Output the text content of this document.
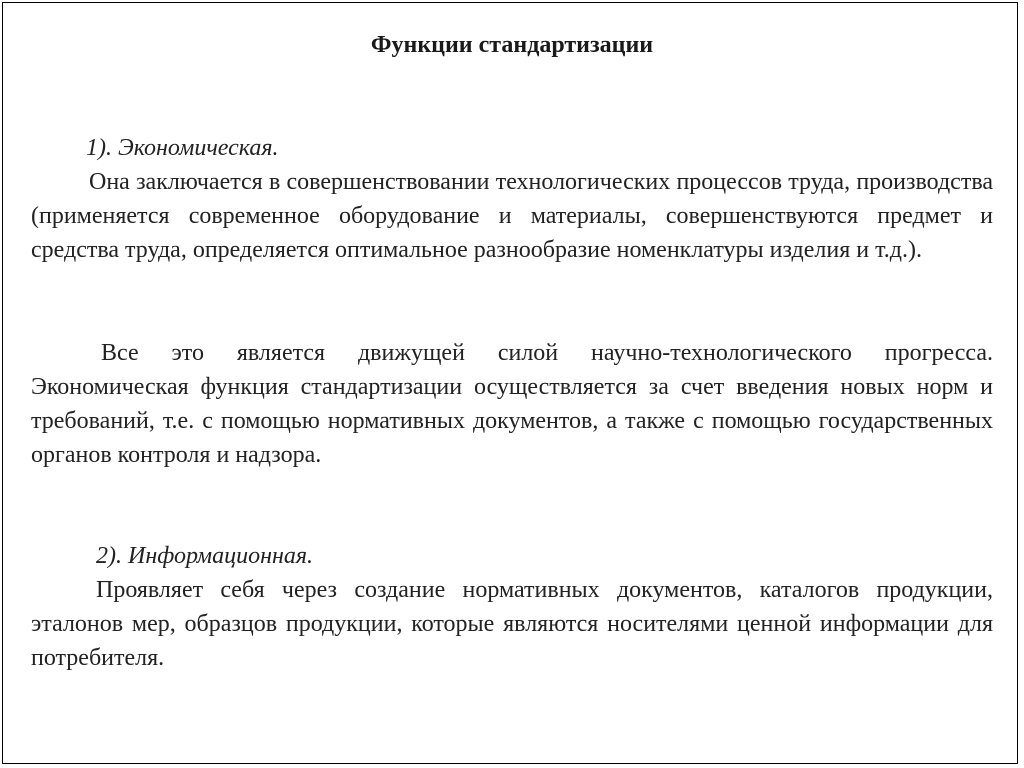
Функции стандартизации
1). Экономическая.
Она заключается в совершенствовании технологических процессов труда, производства (применяется современное оборудование и материалы, совершенствуются предмет и средства труда, определяется оптимальное разнообразие номенклатуры изделия и т.д.).
Все это является движущей силой научно-технологического прогресса. Экономическая функция стандартизации осуществляется за счет введения новых норм и требований, т.е. с помощью нормативных документов, а также с помощью государственных органов контроля и надзора.
2). Информационная.
Проявляет себя через создание нормативных документов, каталогов продукции, эталонов мер, образцов продукции, которые являются носителями ценной информации для потребителя.
